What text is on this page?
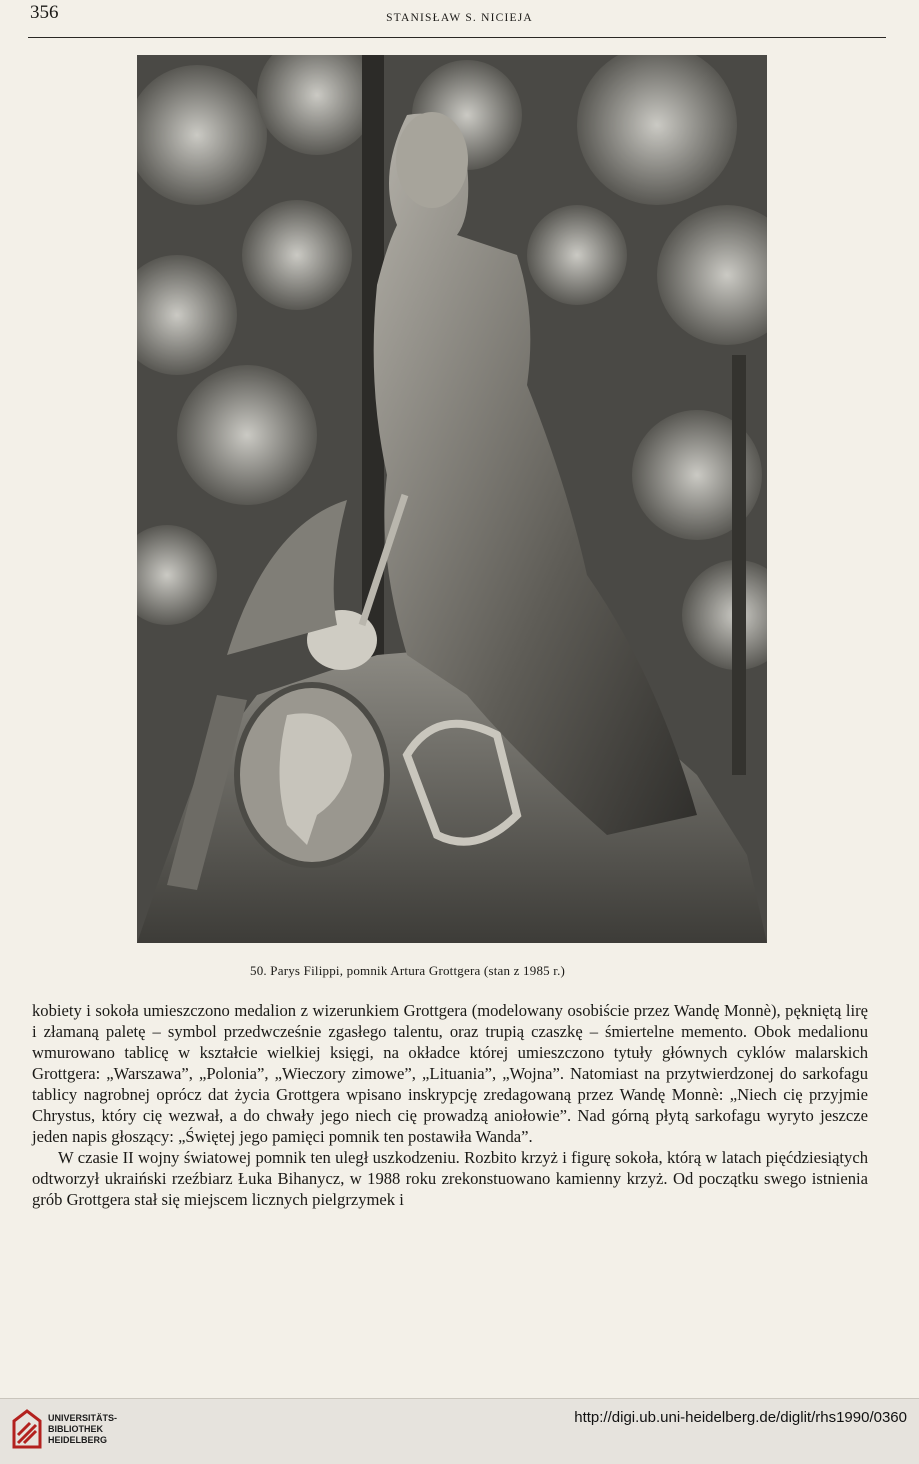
356	STANISŁAW S. NICIEJA
50. Parys Filippi, pomnik Artura Grottgera (stan z 1985 r.)

kobiety i sokoła umieszczono medalion z wizerunkiem Grottgera (modelowany osobiście przez Wandę Monnè), pękniętą lirę i złamaną paletę – symbol przedwcześnie zgasłego talentu, oraz trupią czaszkę – śmiertelne memento. Obok medalionu wmurowano tablicę w kształcie wielkiej księgi, na okładce której umieszczono tytuły głównych cyklów malarskich Grottgera: „Warszawa”, „Polonia”, „Wieczory zimowe”, „Lituania”, „Wojna”. Natomiast na przytwierdzonej do sarkofagu tablicy nagrobnej oprócz dat życia Grottgera wpisano inskrypcję zredagowaną przez Wandę Monnè: „Niech cię przyjmie Chrystus, który cię wezwał, a do chwały jego niech cię prowadzą aniołowie”. Nad górną płytą sarkofagu wyryto jeszcze jeden napis głoszący: „Świętej jego pamięci pomnik ten postawiła Wanda”.

W czasie II wojny światowej pomnik ten uległ uszkodzeniu. Rozbito krzyż i figurę sokoła, którą w latach pięćdziesiątych odtworzył ukraiński rzeźbiarz Łuka Bihanycz, w 1988 roku zrekonstuowano kamienny krzyż. Od początku swego istnienia grób Grottgera stał się miejscem licznych pielgrzymek i

UNIVERSITÄTS-
BIBLIOTHEK
HEIDELBERG
http://digi.ub.uni-heidelberg.de/diglit/rhs1990/0360
